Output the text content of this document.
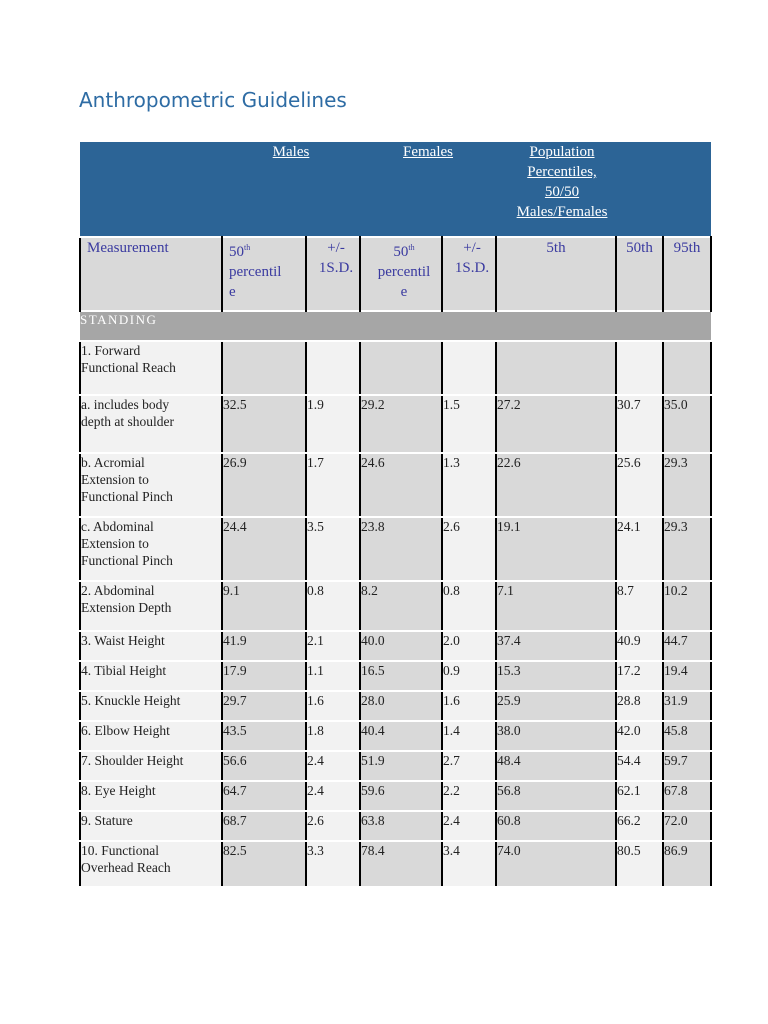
Anthropometric Guidelines
	Males		Females		Population
Percentiles,
50/50
Males/Females		

Measurement	50th
percentil
e	+/-
1S.D.	50th
percentil
e	+/-
1S.D.	5th	50th	95th
STANDING							

1. Forward
Functional Reach							

a. includes body
depth at shoulder	32.5	1.9	29.2	1.5	27.2	30.7	35.0

b. Acromial
Extension to
Functional Pinch	26.9	1.7	24.6	1.3	22.6	25.6	29.3

c. Abdominal
Extension to
Functional Pinch	24.4	3.5	23.8	2.6	19.1	24.1	29.3

2. Abdominal
Extension Depth	9.1	0.8	8.2	0.8	7.1	8.7	10.2

3. Waist Height	41.9	2.1	40.0	2.0	37.4	40.9	44.7

4. Tibial Height	17.9	1.1	16.5	0.9	15.3	17.2	19.4

5. Knuckle Height	29.7	1.6	28.0	1.6	25.9	28.8	31.9

6. Elbow Height	43.5	1.8	40.4	1.4	38.0	42.0	45.8

7. Shoulder Height	56.6	2.4	51.9	2.7	48.4	54.4	59.7

8. Eye Height	64.7	2.4	59.6	2.2	56.8	62.1	67.8

9. Stature	68.7	2.6	63.8	2.4	60.8	66.2	72.0

10. Functional
Overhead Reach	82.5	3.3	78.4	3.4	74.0	80.5	86.9
